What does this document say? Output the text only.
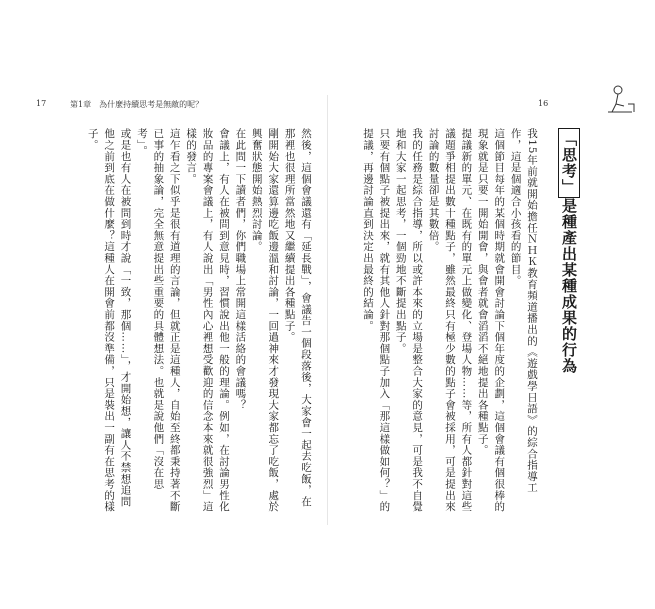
17	第1章　為什麼持續思考是無敵的呢？	16
「思考」是種產出某種成果的行為
我15年前就開始擔任ＮＨＫ教育頻道播出的《遊戲學日語》的綜合指導工作，這是個適合小孩看的節目。
這個節目每年的某個時期就會開會討論下個年度的企劃，這個會議有個很棒的現象就是只要一開始開會，與會者就會滔滔不絕地提出各種點子。
提議新的單元、在既有的單元上做變化、登場人物……等，所有人都針對這些議題爭相提出數十種點子，雖然最終只有極少數的點子會被採用，可是提出來討論的數量卻是其數倍。
我的任務是綜合指導，所以或許本來的立場是整合大家的意見，可是我不自覺地和大家一起思考，一個勁地不斷提出點子。
只要有個點子被提出來，就有其他人針對那個點子加入「那這樣做如何？」的提議，再邊討論直到決定出最終的結論。
然後，這個會議還有「延長戰」，會議告一個段落後，大家會一起去吃飯，在那裡也很理所當然地又繼續提出各種點子。
剛開始大家還算邊吃飯邊溫和討論，一回過神來才發現大家都忘了吃飯，處於興奮狀態開始熱烈討論。
在此問一下讀者們，你們職場上常開這樣活絡的會議嗎？
會議上，有人在被問到意見時，習慣說出他一般的理論。例如，在討論男性化妝品的專案會議上，有人說出「男性內心裡想受歡迎的信念本來就很強烈」這樣的發言。
這乍看之下似乎是很有道理的言論，但就正是這種人，自始至終都秉持著不斷已事的抽象論，完全無意提出些重要的具體想法。也就是說他們「沒在思考」。
或是也有人在被問到時才說「一致，那個……」，才開始想，讓人不禁想追問他之前到底在做什麼？這種人在開會前都沒準備，只是裝出一副有在思考的樣子。
